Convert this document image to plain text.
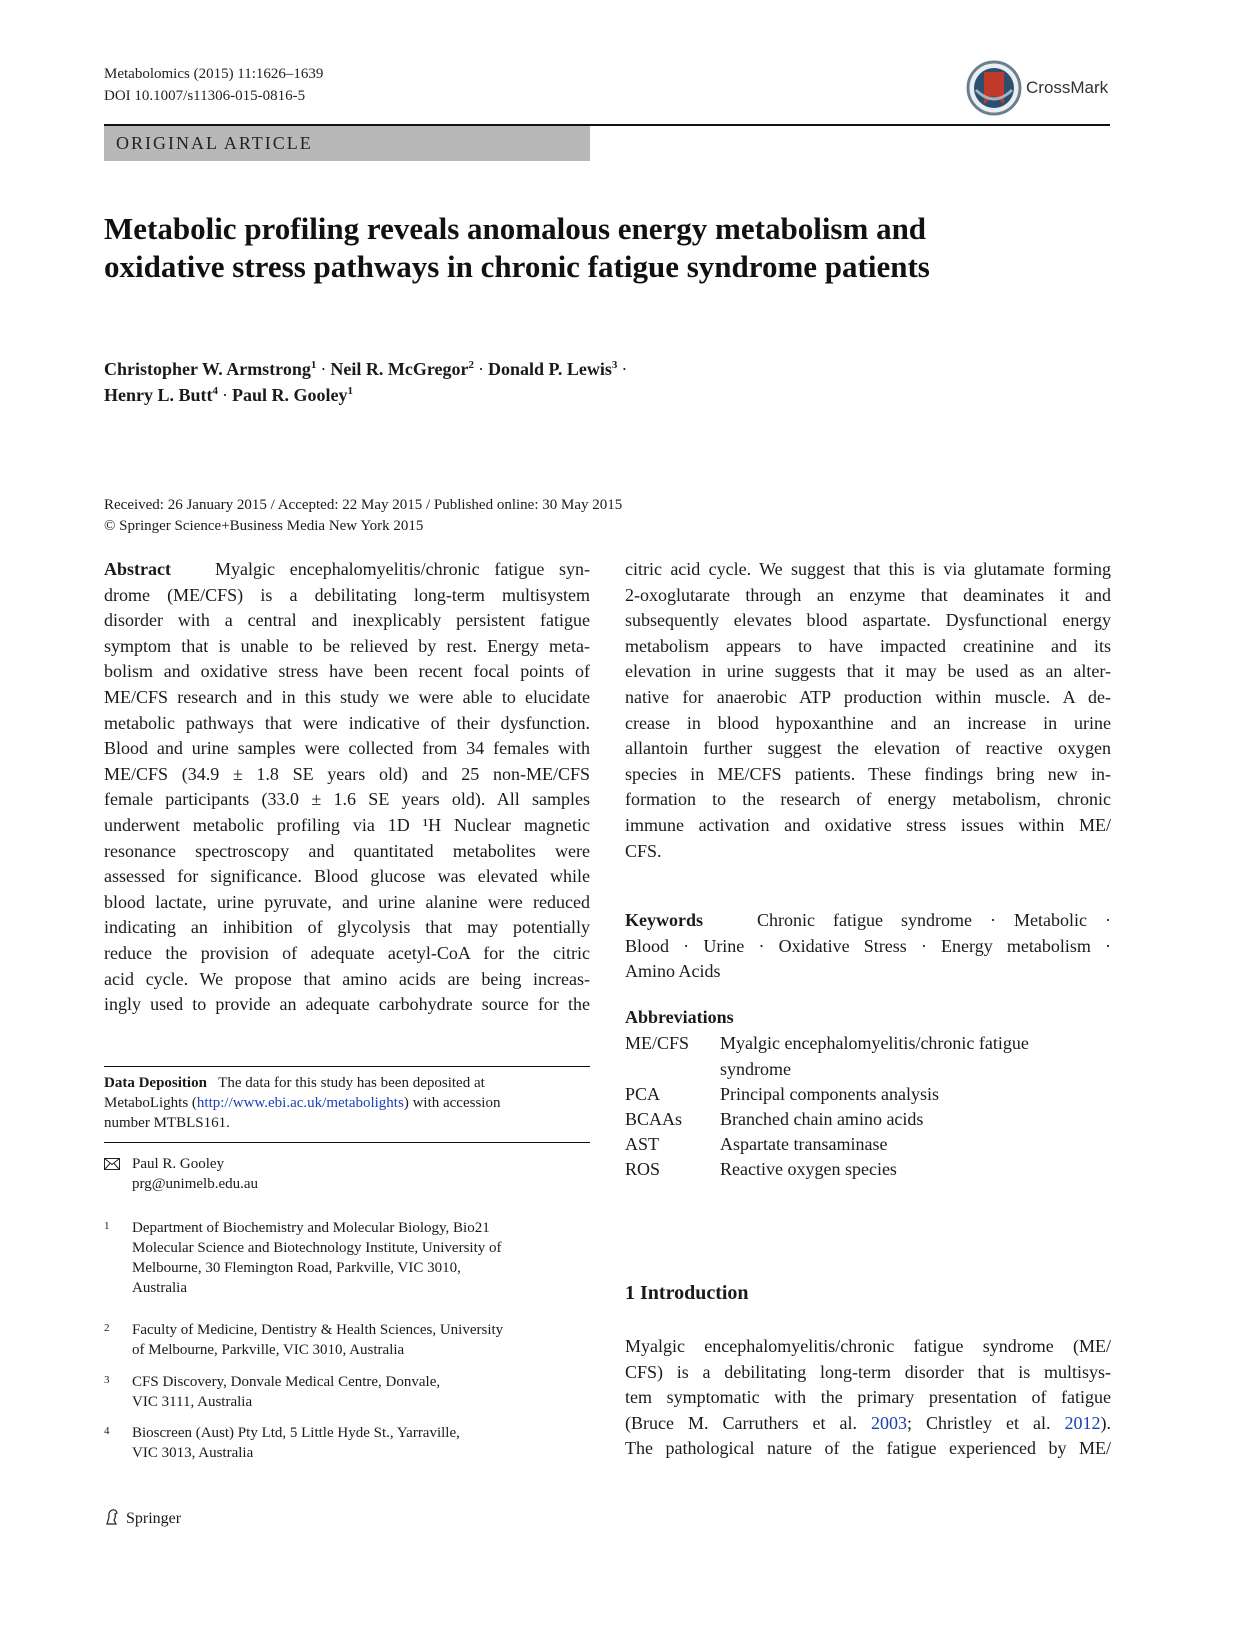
Metabolomics (2015) 11:1626–1639
DOI 10.1007/s11306-015-0816-5	CrossMark
ORIGINAL ARTICLE
Metabolic profiling reveals anomalous energy metabolism and oxidative stress pathways in chronic fatigue syndrome patients
Christopher W. Armstrong$^1$ · Neil R. McGregor$^2$ · Donald P. Lewis$^3$ ·
Henry L. Butt$^4$ · Paul R. Gooley$^1$
Received: 26 January 2015 / Accepted: 22 May 2015 / Published online: 30 May 2015
© Springer Science+Business Media New York 2015
Abstract Myalgic encephalomyelitis/chronic fatigue syn-
drome (ME/CFS) is a debilitating long-term multisystem
disorder with a central and inexplicably persistent fatigue
symptom that is unable to be relieved by rest. Energy meta-
bolism and oxidative stress have been recent focal points of
ME/CFS research and in this study we were able to elucidate
metabolic pathways that were indicative of their dysfunction.
Blood and urine samples were collected from 34 females with
ME/CFS (34.9 ± 1.8 SE years old) and 25 non-ME/CFS
female participants (33.0 ± 1.6 SE years old). All samples
underwent metabolic profiling via 1D ¹H Nuclear magnetic
resonance spectroscopy and quantitated metabolites were
assessed for significance. Blood glucose was elevated while
blood lactate, urine pyruvate, and urine alanine were reduced
indicating an inhibition of glycolysis that may potentially
reduce the provision of adequate acetyl-CoA for the citric
acid cycle. We propose that amino acids are being increas-
ingly used to provide an adequate carbohydrate source for the
citric acid cycle. We suggest that this is via glutamate forming
2-oxoglutarate through an enzyme that deaminates it and
subsequently elevates blood aspartate. Dysfunctional energy
metabolism appears to have impacted creatinine and its
elevation in urine suggests that it may be used as an alter-
native for anaerobic ATP production within muscle. A de-
crease in blood hypoxanthine and an increase in urine
allantoin further suggest the elevation of reactive oxygen
species in ME/CFS patients. These findings bring new in-
formation to the research of energy metabolism, chronic
immune activation and oxidative stress issues within ME/
CFS.
Data Deposition The data for this study has been deposited at
MetaboLights (http://www.ebi.ac.uk/metabolights) with accession
number MTBLS161.
Paul R. Gooley
prg@unimelb.edu.au
1 Department of Biochemistry and Molecular Biology, Bio21
Molecular Science and Biotechnology Institute, University of
Melbourne, 30 Flemington Road, Parkville, VIC 3010,
Australia
2 Faculty of Medicine, Dentistry & Health Sciences, University
of Melbourne, Parkville, VIC 3010, Australia
3 CFS Discovery, Donvale Medical Centre, Donvale,
VIC 3111, Australia
4 Bioscreen (Aust) Pty Ltd, 5 Little Hyde St., Yarraville,
VIC 3013, Australia
Keywords	Chronic fatigue syndrome · Metabolic ·
Blood · Urine · Oxidative Stress · Energy metabolism ·
Amino Acids
Abbreviations
ME/CFS Myalgic encephalomyelitis/chronic fatigue
syndrome
PCA	Principal components analysis
BCAAs Branched chain amino acids
AST	Aspartate transaminase
ROS	Reactive oxygen species
1 Introduction
Myalgic encephalomyelitis/chronic fatigue syndrome (ME/
CFS) is a debilitating long-term disorder that is multisys-
tem symptomatic with the primary presentation of fatigue
(Bruce M. Carruthers et al. 2003; Christley et al. 2012).
The pathological nature of the fatigue experienced by ME/
Springer
